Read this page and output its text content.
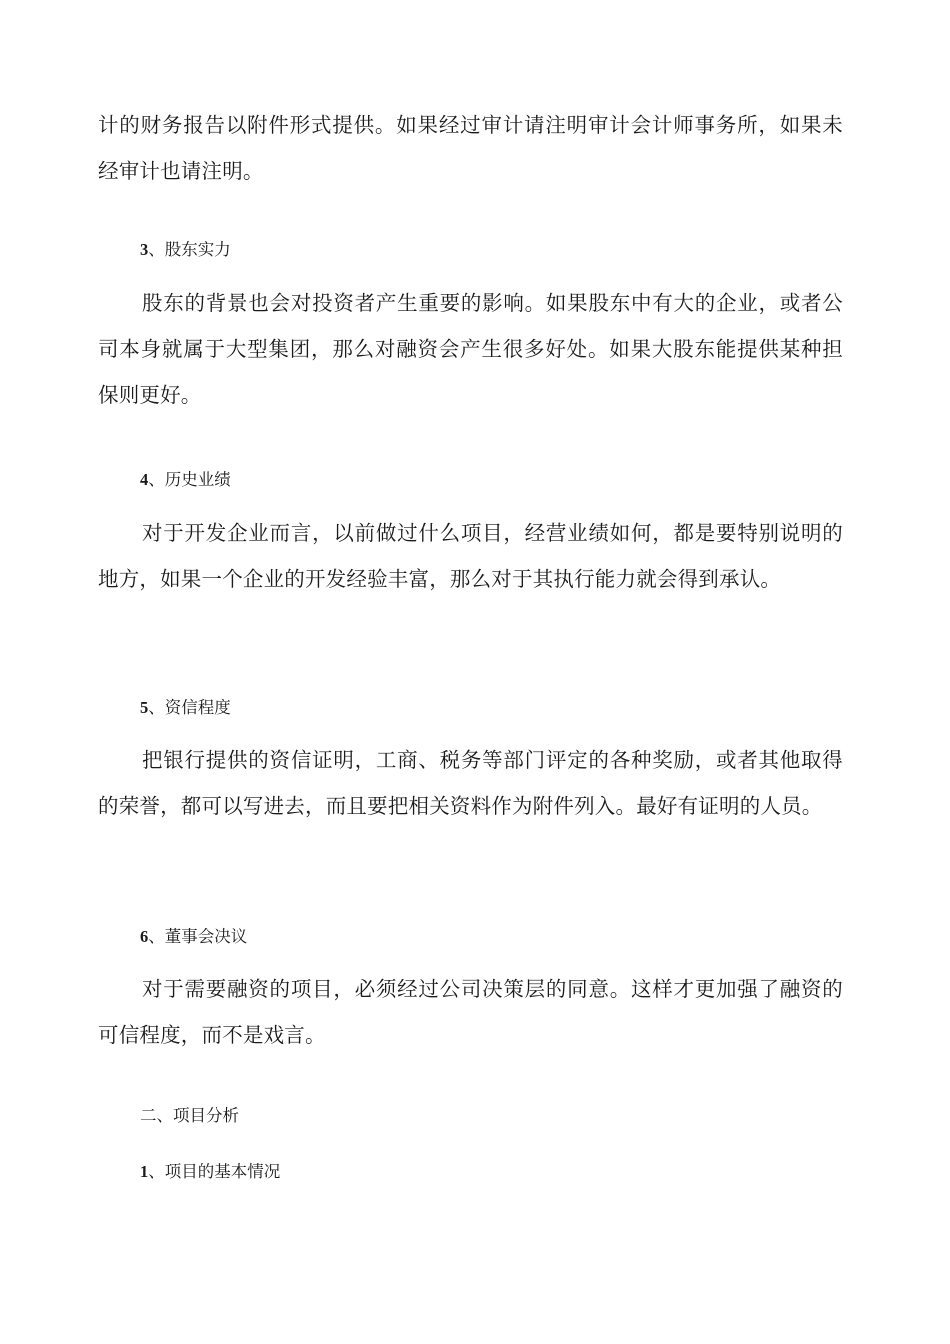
计的财务报告以附件形式提供。如果经过审计请注明审计会计师事务所，如果未经审计也请注明。

3、股东实力

股东的背景也会对投资者产生重要的影响。如果股东中有大的企业，或者公司本身就属于大型集团，那么对融资会产生很多好处。如果大股东能提供某种担保则更好。

4、历史业绩

对于开发企业而言，以前做过什么项目，经营业绩如何，都是要特别说明的地方，如果一个企业的开发经验丰富，那么对于其执行能力就会得到承认。

5、资信程度

把银行提供的资信证明，工商、税务等部门评定的各种奖励，或者其他取得的荣誉，都可以写进去，而且要把相关资料作为附件列入。最好有证明的人员。

6、董事会决议

对于需要融资的项目，必须经过公司决策层的同意。这样才更加强了融资的可信程度，而不是戏言。

二、项目分析
1、项目的基本情况
